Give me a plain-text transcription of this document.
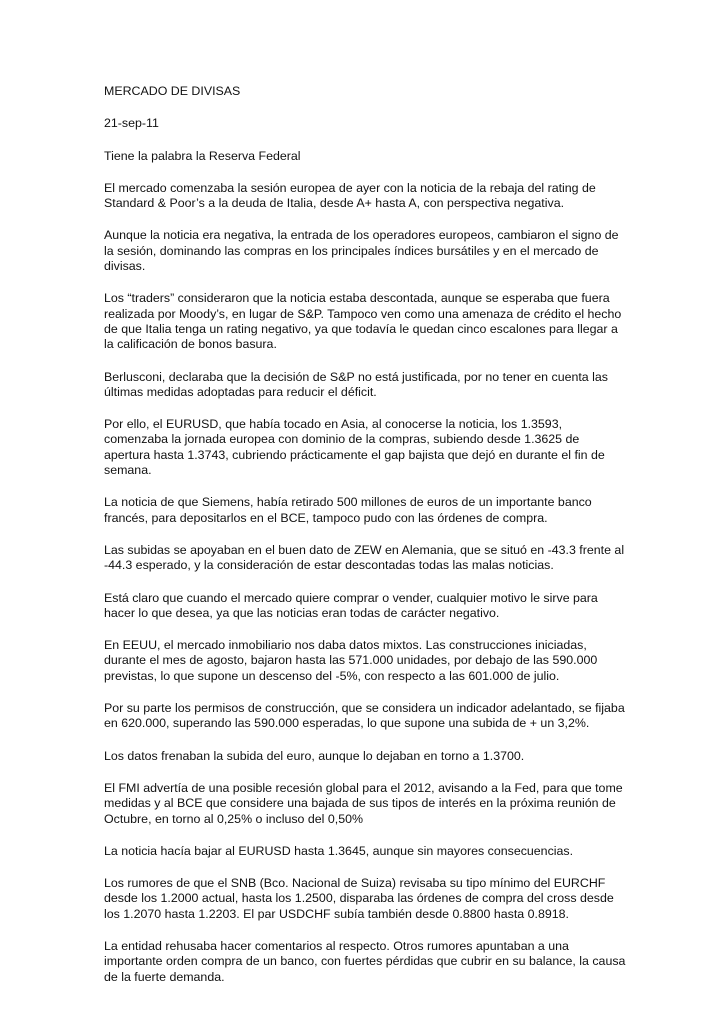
MERCADO DE DIVISAS

21-sep-11

Tiene la palabra la Reserva Federal

El mercado comenzaba la sesión europea de ayer con la noticia de la rebaja del rating de Standard & Poor’s a la deuda de Italia, desde A+ hasta A, con perspectiva negativa.

Aunque la noticia era negativa, la entrada de los operadores europeos, cambiaron el signo de la sesión, dominando las compras en los principales índices bursátiles y en el mercado de divisas.

Los “traders” consideraron que la noticia estaba descontada, aunque se esperaba que fuera realizada por Moody’s, en lugar de S&P. Tampoco ven como una amenaza de crédito el hecho de que Italia tenga un rating negativo, ya que todavía le quedan cinco escalones para llegar a la calificación de bonos basura.

Berlusconi, declaraba que la decisión de S&P no está justificada, por no tener en cuenta las últimas medidas adoptadas para reducir el déficit.

Por ello, el EURUSD, que había tocado en Asia, al conocerse la noticia, los 1.3593, comenzaba la jornada europea con dominio de la compras, subiendo desde 1.3625 de apertura hasta 1.3743, cubriendo prácticamente el gap bajista que dejó en durante el fin de semana.

La noticia de que Siemens, había retirado 500 millones de euros de un importante banco francés, para depositarlos en el BCE, tampoco pudo con las órdenes de compra.

Las subidas se apoyaban en el buen dato de ZEW en Alemania, que se situó en -43.3 frente al -44.3 esperado, y la consideración de estar descontadas todas las malas noticias.

Está claro que cuando el mercado quiere comprar o vender, cualquier motivo le sirve para hacer lo que desea, ya que las noticias eran todas de carácter negativo.

En EEUU, el mercado inmobiliario nos daba datos mixtos. Las construcciones iniciadas, durante el mes de agosto, bajaron hasta las 571.000 unidades, por debajo de las 590.000 previstas, lo que supone un descenso del -5%, con respecto a las 601.000 de julio.

Por su parte los permisos de construcción, que se considera un indicador adelantado, se fijaba en 620.000, superando las 590.000 esperadas, lo que supone una subida de + un 3,2%.

Los datos frenaban la subida del euro, aunque lo dejaban en torno a 1.3700.

El FMI advertía de una posible recesión global para el 2012, avisando a la Fed, para que tome medidas y al BCE que considere una bajada de sus tipos de interés en la próxima reunión de Octubre, en torno al 0,25% o incluso del 0,50%

La noticia hacía bajar al EURUSD hasta 1.3645, aunque sin mayores consecuencias.

Los rumores de que el SNB (Bco. Nacional de Suiza) revisaba su tipo mínimo del EURCHF desde los 1.2000 actual, hasta los 1.2500, disparaba las órdenes de compra del cross desde los 1.2070 hasta 1.2203. El par USDCHF subía también desde 0.8800 hasta 0.8918.

La entidad rehusaba hacer comentarios al respecto. Otros rumores apuntaban a una importante orden compra de un banco, con fuertes pérdidas que cubrir en su balance, la causa de la fuerte demanda.
